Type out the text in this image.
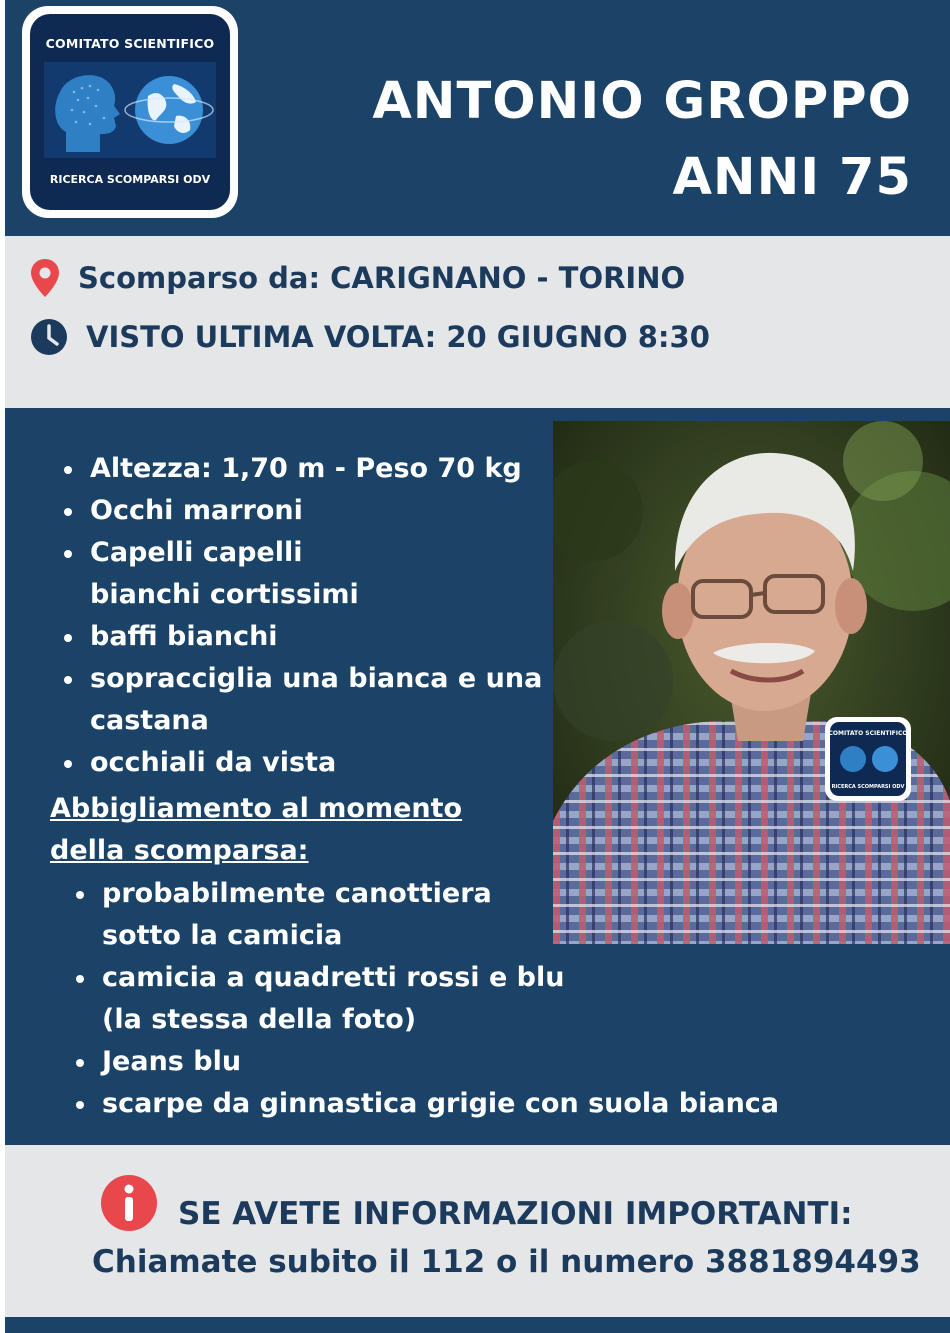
COMITATO SCIENTIFICO
RICERCA SCOMPARSI ODV
ANTONIO GROPPO
ANNI 75
Scomparso da: CARIGNANO - TORINO
VISTO ULTIMA VOLTA: 20 GIUGNO 8:30
COMITATO SCIENTIFICO
RICERCA SCOMPARSI ODV
Altezza: 1,70 m - Peso 70 kg
Occhi marroni
Capelli capelli bianchi cortissimi
baffi bianchi
sopracciglia una bianca e una castana
occhiali da vista
Abbigliamento al momento della scomparsa:
probabilmente canottiera sotto la camicia
camicia a quadretti rossi e blu (la stessa della foto)
Jeans blu
scarpe da ginnastica grigie con suola bianca
SE AVETE INFORMAZIONI IMPORTANTI:
Chiamate subito il 112 o il numero 3881894493
